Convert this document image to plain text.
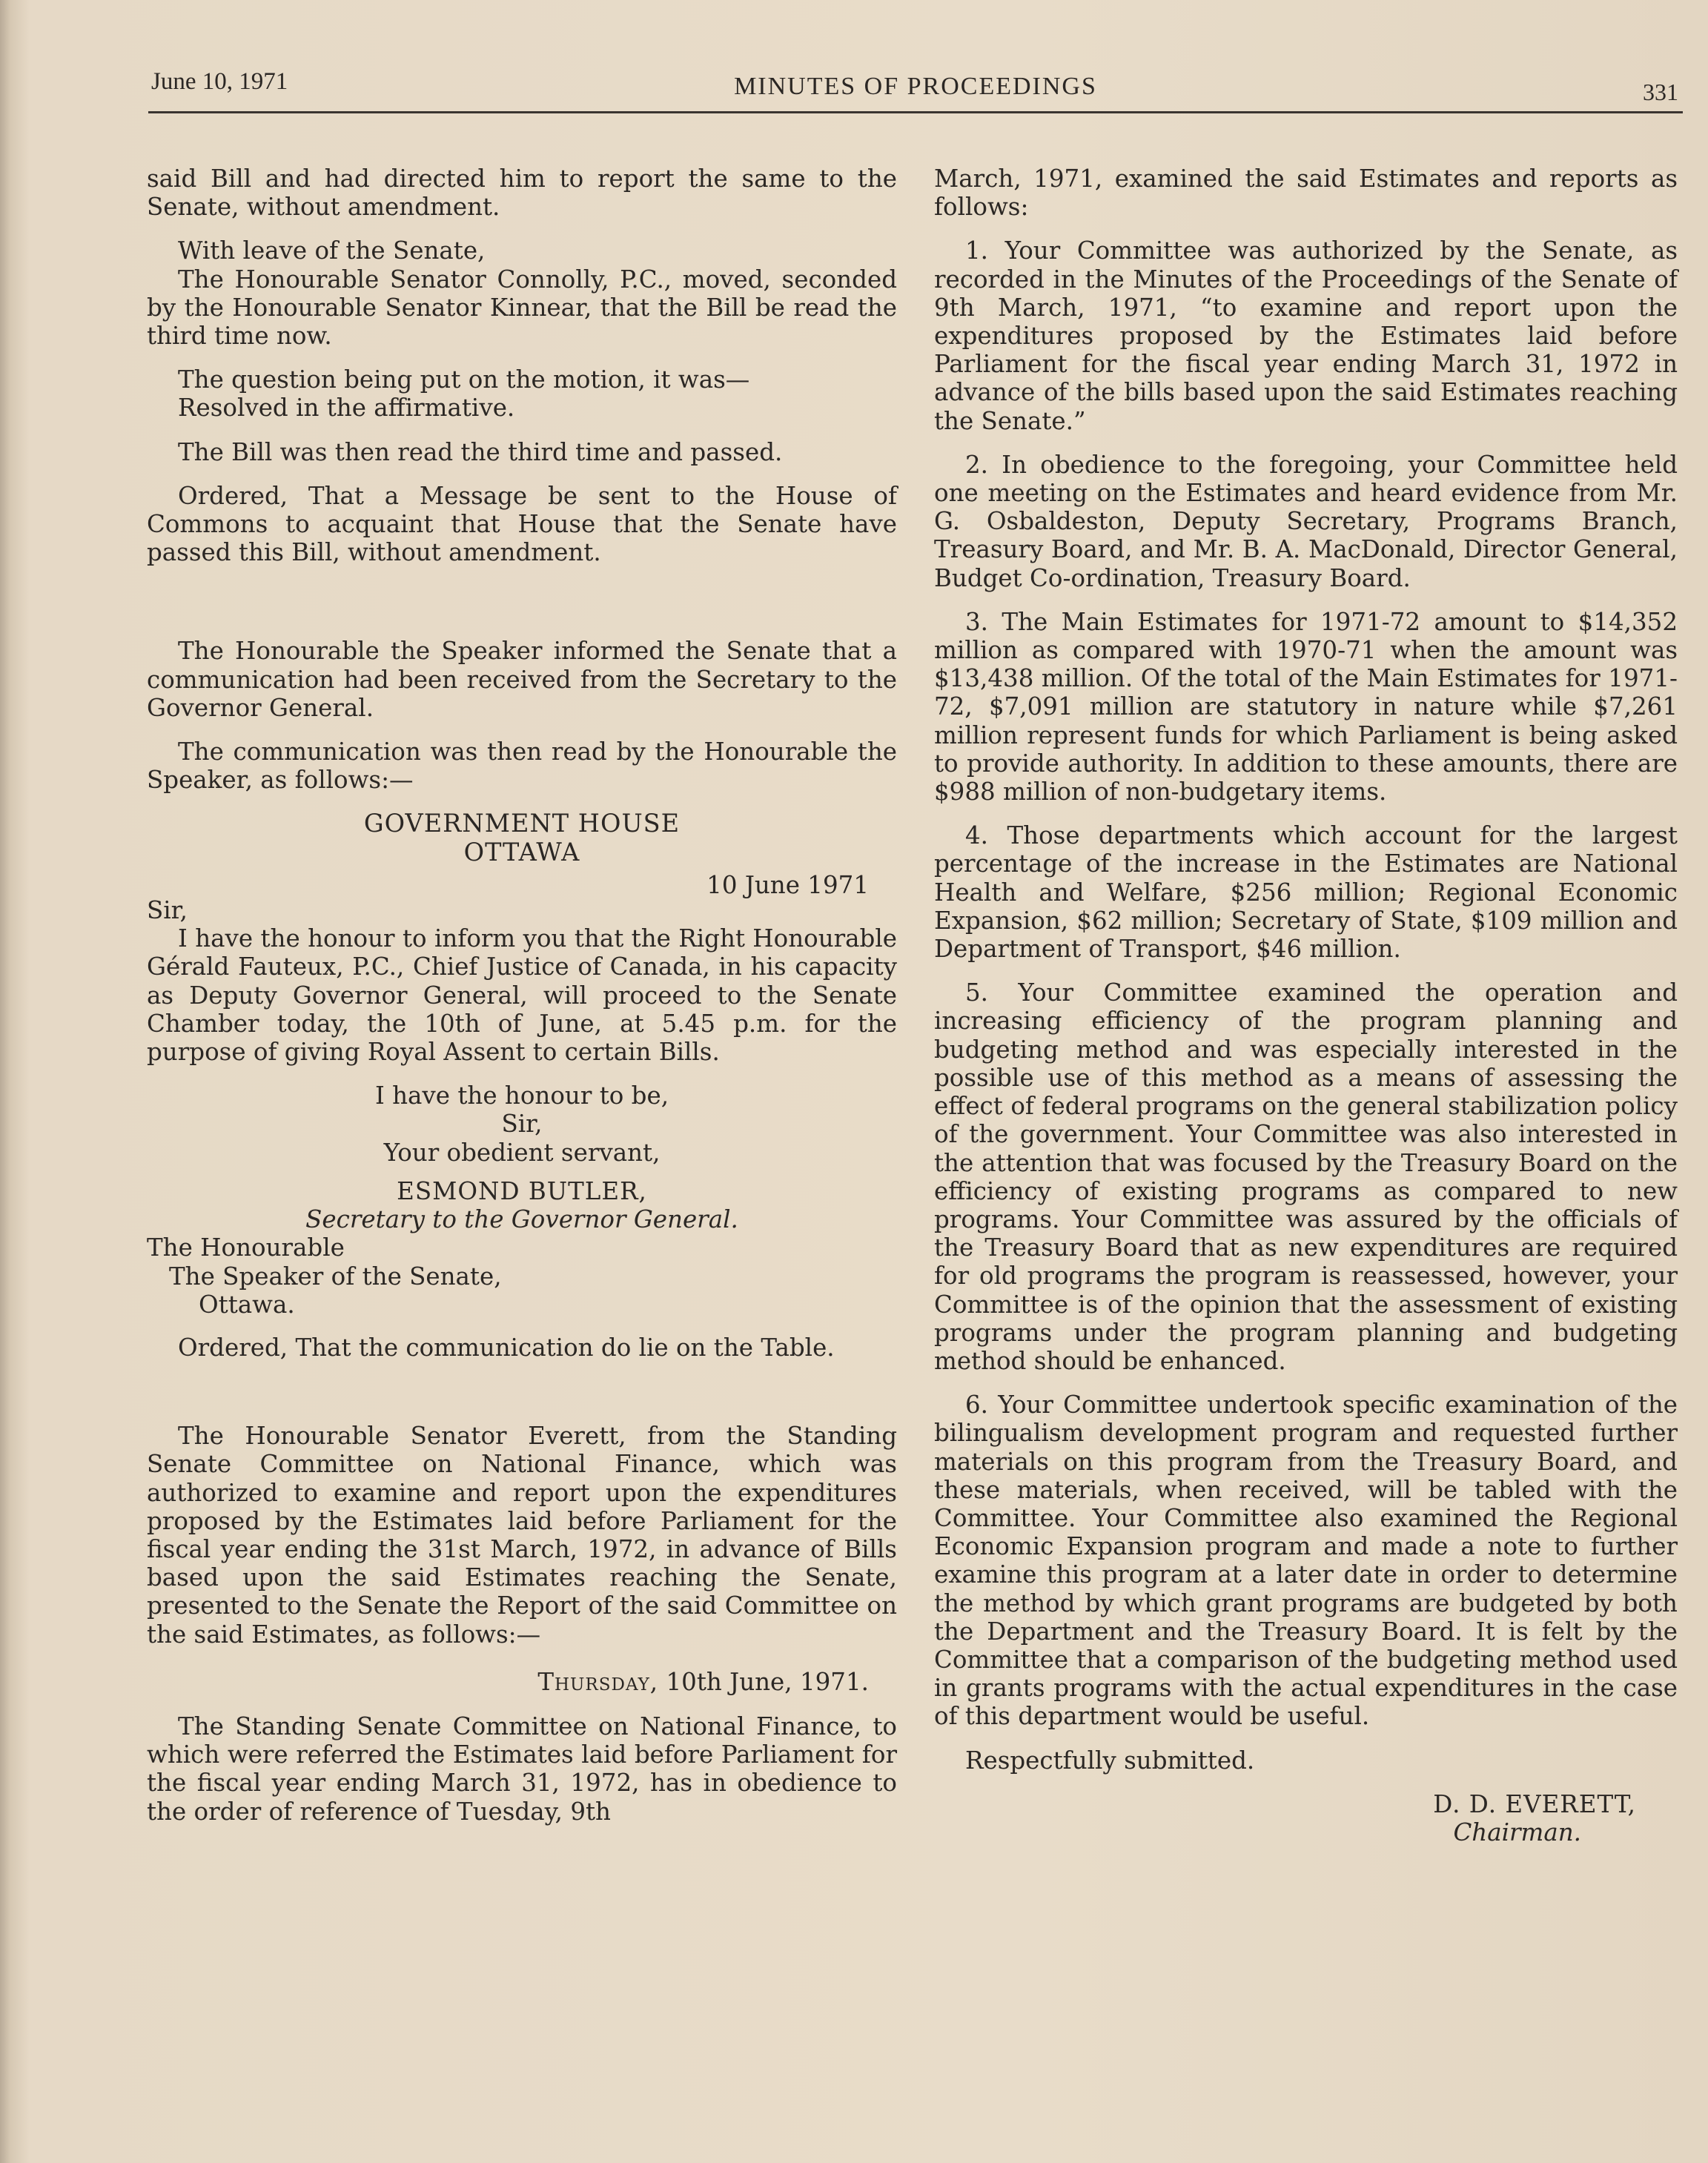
June 10, 1971	MINUTES OF PROCEEDINGS	331

said Bill and had directed him to report the same to the Senate, without amendment.

With leave of the Senate,

The Honourable Senator Connolly, P.C., moved, seconded by the Honourable Senator Kinnear, that the Bill be read the third time now.

The question being put on the motion, it was—

Resolved in the affirmative.

The Bill was then read the third time and passed.

Ordered, That a Message be sent to the House of Commons to acquaint that House that the Senate have passed this Bill, without amendment.

The Honourable the Speaker informed the Senate that a communication had been received from the Secretary to the Governor General.

The communication was then read by the Honourable the Speaker, as follows:—

GOVERNMENT HOUSE

OTTAWA

10 June 1971

Sir,

I have the honour to inform you that the Right Honourable Gérald Fauteux, P.C., Chief Justice of Canada, in his capacity as Deputy Governor General, will proceed to the Senate Chamber today, the 10th of June, at 5.45 p.m. for the purpose of giving Royal Assent to certain Bills.

I have the honour to be,

Sir,

Your obedient servant,

ESMOND BUTLER,

Secretary to the Governor General.

The Honourable

The Speaker of the Senate,

Ottawa.

Ordered, That the communication do lie on the Table.

The Honourable Senator Everett, from the Standing Senate Committee on National Finance, which was authorized to examine and report upon the expenditures proposed by the Estimates laid before Parliament for the fiscal year ending the 31st March, 1972, in advance of Bills based upon the said Estimates reaching the Senate, presented to the Senate the Report of the said Committee on the said Estimates, as follows:—

Thursday, 10th June, 1971.

The Standing Senate Committee on National Finance, to which were referred the Estimates laid before Parliament for the fiscal year ending March 31, 1972, has in obedience to the order of reference of Tuesday, 9th

March, 1971, examined the said Estimates and reports as follows:

1. Your Committee was authorized by the Senate, as recorded in the Minutes of the Proceedings of the Senate of 9th March, 1971, “to examine and report upon the expenditures proposed by the Estimates laid before Parliament for the fiscal year ending March 31, 1972 in advance of the bills based upon the said Estimates reaching the Senate.”

2. In obedience to the foregoing, your Committee held one meeting on the Estimates and heard evidence from Mr. G. Osbaldeston, Deputy Secretary, Programs Branch, Treasury Board, and Mr. B. A. MacDonald, Director General, Budget Co-ordination, Treasury Board.

3. The Main Estimates for 1971-72 amount to $14,352 million as compared with 1970-71 when the amount was $13,438 million. Of the total of the Main Estimates for 1971-72, $7,091 million are statutory in nature while $7,261 million represent funds for which Parliament is being asked to provide authority. In addition to these amounts, there are $988 million of non-budgetary items.

4. Those departments which account for the largest percentage of the increase in the Estimates are National Health and Welfare, $256 million; Regional Economic Expansion, $62 million; Secretary of State, $109 million and Department of Transport, $46 million.

5. Your Committee examined the operation and increasing efficiency of the program planning and budgeting method and was especially interested in the possible use of this method as a means of assessing the effect of federal programs on the general stabilization policy of the government. Your Committee was also interested in the attention that was focused by the Treasury Board on the efficiency of existing programs as compared to new programs. Your Committee was assured by the officials of the Treasury Board that as new expenditures are required for old programs the program is reassessed, however, your Committee is of the opinion that the assessment of existing programs under the program planning and budgeting method should be enhanced.

6. Your Committee undertook specific examination of the bilingualism development program and requested further materials on this program from the Treasury Board, and these materials, when received, will be tabled with the Committee. Your Committee also examined the Regional Economic Expansion program and made a note to further examine this program at a later date in order to determine the method by which grant programs are budgeted by both the Department and the Treasury Board. It is felt by the Committee that a comparison of the budgeting method used in grants programs with the actual expenditures in the case of this department would be useful.

Respectfully submitted.

D. D. EVERETT,

Chairman.
